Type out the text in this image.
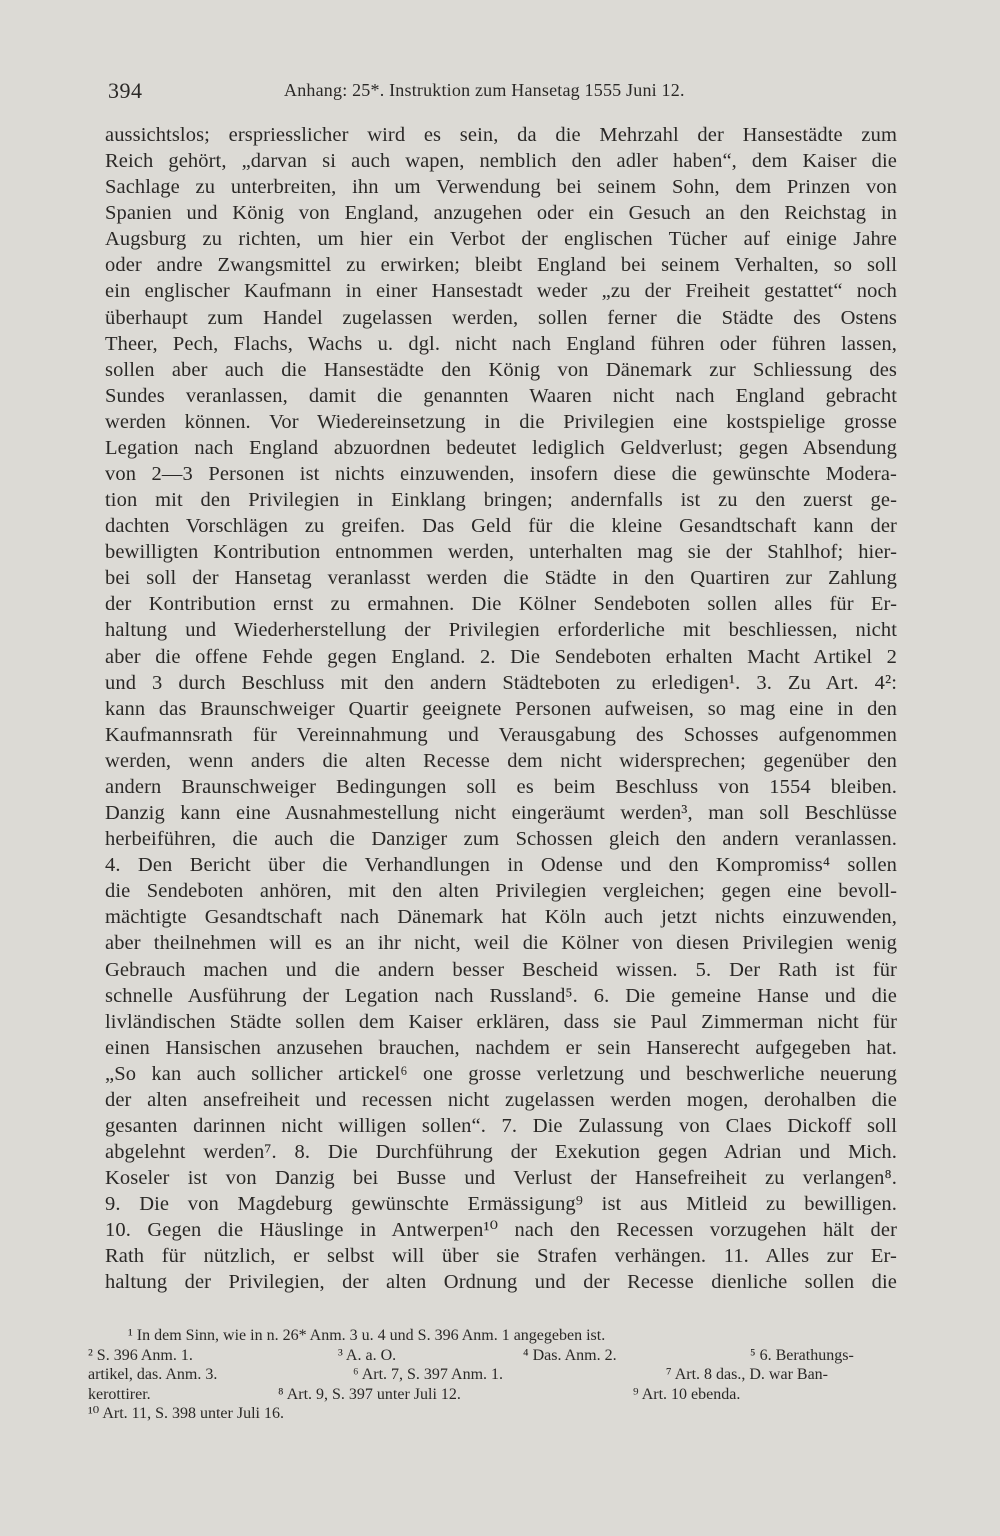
394	Anhang: 25*. Instruktion zum Hansetag 1555 Juni 12.
aussichtslos; erspriesslicher wird es sein, da die Mehrzahl der Hansestädte zum
Reich gehört, „darvan si auch wapen, nemblich den adler haben“, dem Kaiser die
Sachlage zu unterbreiten, ihn um Verwendung bei seinem Sohn, dem Prinzen von
Spanien und König von England, anzugehen oder ein Gesuch an den Reichstag in
Augsburg zu richten, um hier ein Verbot der englischen Tücher auf einige Jahre
oder andre Zwangsmittel zu erwirken; bleibt England bei seinem Verhalten, so soll
ein englischer Kaufmann in einer Hansestadt weder „zu der Freiheit gestattet“ noch
überhaupt zum Handel zugelassen werden, sollen ferner die Städte des Ostens
Theer, Pech, Flachs, Wachs u. dgl. nicht nach England führen oder führen lassen,
sollen aber auch die Hansestädte den König von Dänemark zur Schliessung des
Sundes veranlassen, damit die genannten Waaren nicht nach England gebracht
werden können. Vor Wiedereinsetzung in die Privilegien eine kostspielige grosse
Legation nach England abzuordnen bedeutet lediglich Geldverlust; gegen Absendung
von 2—3 Personen ist nichts einzuwenden, insofern diese die gewünschte Modera-
tion mit den Privilegien in Einklang bringen; andernfalls ist zu den zuerst ge-
dachten Vorschlägen zu greifen. Das Geld für die kleine Gesandtschaft kann der
bewilligten Kontribution entnommen werden, unterhalten mag sie der Stahlhof; hier-
bei soll der Hansetag veranlasst werden die Städte in den Quartiren zur Zahlung
der Kontribution ernst zu ermahnen. Die Kölner Sendeboten sollen alles für Er-
haltung und Wiederherstellung der Privilegien erforderliche mit beschliessen, nicht
aber die offene Fehde gegen England. 2. Die Sendeboten erhalten Macht Artikel 2
und 3 durch Beschluss mit den andern Städteboten zu erledigen¹. 3. Zu Art. 4²:
kann das Braunschweiger Quartir geeignete Personen aufweisen, so mag eine in den
Kaufmannsrath für Vereinnahmung und Verausgabung des Schosses aufgenommen
werden, wenn anders die alten Recesse dem nicht widersprechen; gegenüber den
andern Braunschweiger Bedingungen soll es beim Beschluss von 1554 bleiben.
Danzig kann eine Ausnahmestellung nicht eingeräumt werden³, man soll Beschlüsse
herbeiführen, die auch die Danziger zum Schossen gleich den andern veranlassen.
4. Den Bericht über die Verhandlungen in Odense und den Kompromiss⁴ sollen
die Sendeboten anhören, mit den alten Privilegien vergleichen; gegen eine bevoll-
mächtigte Gesandtschaft nach Dänemark hat Köln auch jetzt nichts einzuwenden,
aber theilnehmen will es an ihr nicht, weil die Kölner von diesen Privilegien wenig
Gebrauch machen und die andern besser Bescheid wissen. 5. Der Rath ist für
schnelle Ausführung der Legation nach Russland⁵. 6. Die gemeine Hanse und die
livländischen Städte sollen dem Kaiser erklären, dass sie Paul Zimmerman nicht für
einen Hansischen anzusehen brauchen, nachdem er sein Hanserecht aufgegeben hat.
„So kan auch sollicher artickel⁶ one grosse verletzung und beschwerliche neuerung
der alten ansefreiheit und recessen nicht zugelassen werden mogen, derohalben die
gesanten darinnen nicht willigen sollen“. 7. Die Zulassung von Claes Dickoff soll
abgelehnt werden⁷. 8. Die Durchführung der Exekution gegen Adrian und Mich.
Koseler ist von Danzig bei Busse und Verlust der Hansefreiheit zu verlangen⁸.
9. Die von Magdeburg gewünschte Ermässigung⁹ ist aus Mitleid zu bewilligen.
10. Gegen die Häuslinge in Antwerpen¹⁰ nach den Recessen vorzugehen hält der
Rath für nützlich, er selbst will über sie Strafen verhängen. 11. Alles zur Er-
haltung der Privilegien, der alten Ordnung und der Recesse dienliche sollen die
¹ In dem Sinn, wie in n. 26* Anm. 3 u. 4 und S. 396 Anm. 1 angegeben ist.
² S. 396 Anm. 1.	³ A. a. O.	⁴ Das. Anm. 2.	⁵ 6. Berathungs-
artikel, das. Anm. 3.	⁶ Art. 7, S. 397 Anm. 1.	⁷ Art. 8 das., D. war Ban-
kerottirer.	⁸ Art. 9, S. 397 unter Juli 12.	⁹ Art. 10 ebenda.
¹⁰ Art. 11, S. 398 unter Juli 16.
